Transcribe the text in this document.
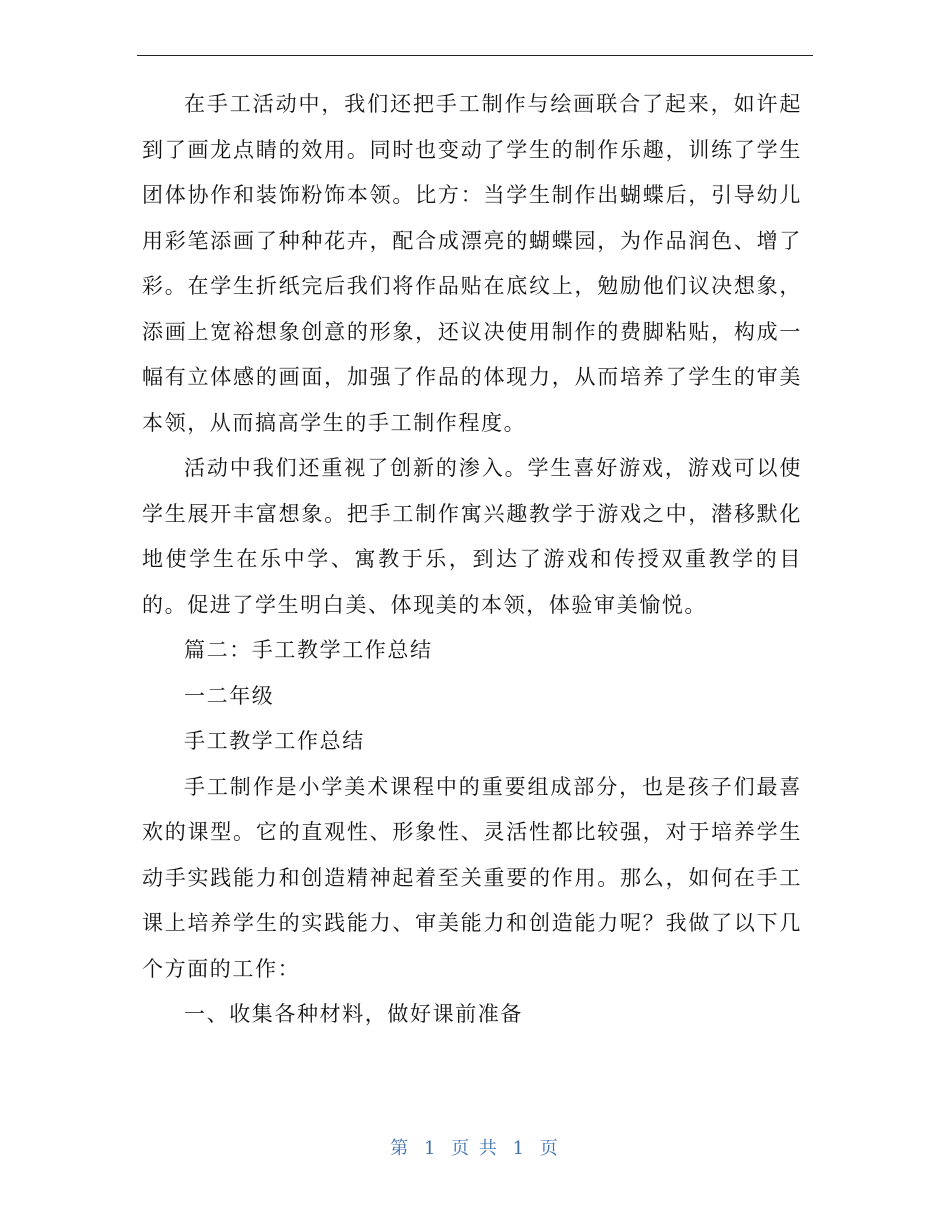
在手工活动中，我们还把手工制作与绘画联合了起来，如许起到了画龙点睛的效用。同时也变动了学生的制作乐趣，训练了学生团体协作和装饰粉饰本领。比方：当学生制作出蝴蝶后，引导幼儿用彩笔添画了种种花卉，配合成漂亮的蝴蝶园，为作品润色、增了彩。在学生折纸完后我们将作品贴在底纹上，勉励他们议决想象，添画上宽裕想象创意的形象，还议决使用制作的费脚粘贴，构成一幅有立体感的画面，加强了作品的体现力，从而培养了学生的审美本领，从而搞高学生的手工制作程度。

活动中我们还重视了创新的渗入。学生喜好游戏，游戏可以使学生展开丰富想象。把手工制作寓兴趣教学于游戏之中，潜移默化地使学生在乐中学、寓教于乐，到达了游戏和传授双重教学的目的。促进了学生明白美、体现美的本领，体验审美愉悦。

篇二：手工教学工作总结

一二年级

手工教学工作总结

手工制作是小学美术课程中的重要组成部分，也是孩子们最喜欢的课型。它的直观性、形象性、灵活性都比较强，对于培养学生动手实践能力和创造精神起着至关重要的作用。那么，如何在手工课上培养学生的实践能力、审美能力和创造能力呢？我做了以下几个方面的工作：

一、收集各种材料，做好课前准备

第 1 页 共 1 页
